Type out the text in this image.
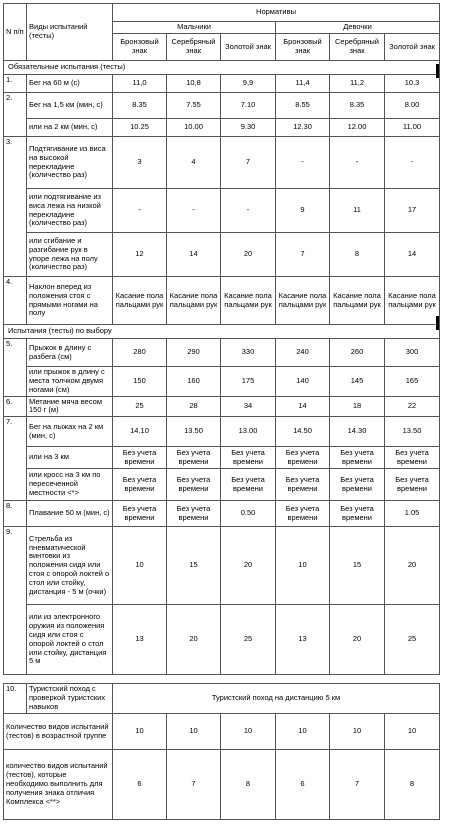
N п/п	Виды испытаний (тесты)	Нормативы					
		Мальчики			Девочки		
		Бронзовый знак	Серебряный знак	Золотой знак	Бронзовый знак	Серебряный знак	Золотой знак
Обязательные испытания (тесты)							
1.	Бег на 60 м (с)	11,0	10,8	9,9	11,4	11,2	10,3
2.	Бег на 1,5 км (мин, с)	8.35	7.55	7.10	8.55	8.35	8.00
	или на 2 км (мин, с)	10.25	10.00	9.30	12.30	12.00	11.00
3.	Подтягивание из виса на высокой перекладине (количество раз)	3	4	7	-	-	-
	или подтягивание из виса лежа на низкой перекладине (количество раз)	-	-	-	9	11	17
	или сгибание и разгибание рук в упоре лежа на полу (количество раз)	12	14	20	7	8	14
4.	Наклон вперед из положения стоя с прямыми ногами на полу	Касание пола пальцами рук	Касание пола пальцами рук	Касание пола пальцами рук	Касание пола пальцами рук	Касание пола пальцами рук	Касание пола пальцами рук
Испытания (тесты) по выбору							
5.	Прыжок в длину с разбега (см)	280	290	330	240	260	300
	или прыжок в длину с места толчком двумя ногами (см)	150	160	175	140	145	165
6.	Метание мяча весом 150 г (м)	25	28	34	14	18	22
7.	Бег на лыжах на 2 км (мин, с)	14.10	13.50	13.00	14.50	14.30	13.50
	или на 3 км	Без учета времени	Без учета времени	Без учета времени	Без учета времени	Без учета времени	Без учета времени
	или кросс на 3 км по пересеченной местности <*>	Без учета времени	Без учета времени	Без учета времени	Без учета времени	Без учета времени	Без учета времени
8.	Плавание 50 м (мин, с)	Без учета времени	Без учета времени	0.50	Без учета времени	Без учета времени	1.05
9.	Стрельба из пневматической винтовки из положения сидя или стоя с опорой локтей о стол или стойку, дистанция - 5 м (очки)	10	15	20	10	15	20
	или из электронного оружия из положения сидя или стоя с опорой локтей о стол или стойку, дистанция 5 м	13	20	25	13	20	25
10.	Туристский поход с проверкой туристских навыков	Туристский поход на дистанцию 5 км					
Количество видов испытаний (тестов) в возрастной группе		10	10	10	10	10	10
количество видов испытаний (тестов), которые необходимо выполнить для получения знака отличия Комплекса <**>		6	7	8	6	7	8
